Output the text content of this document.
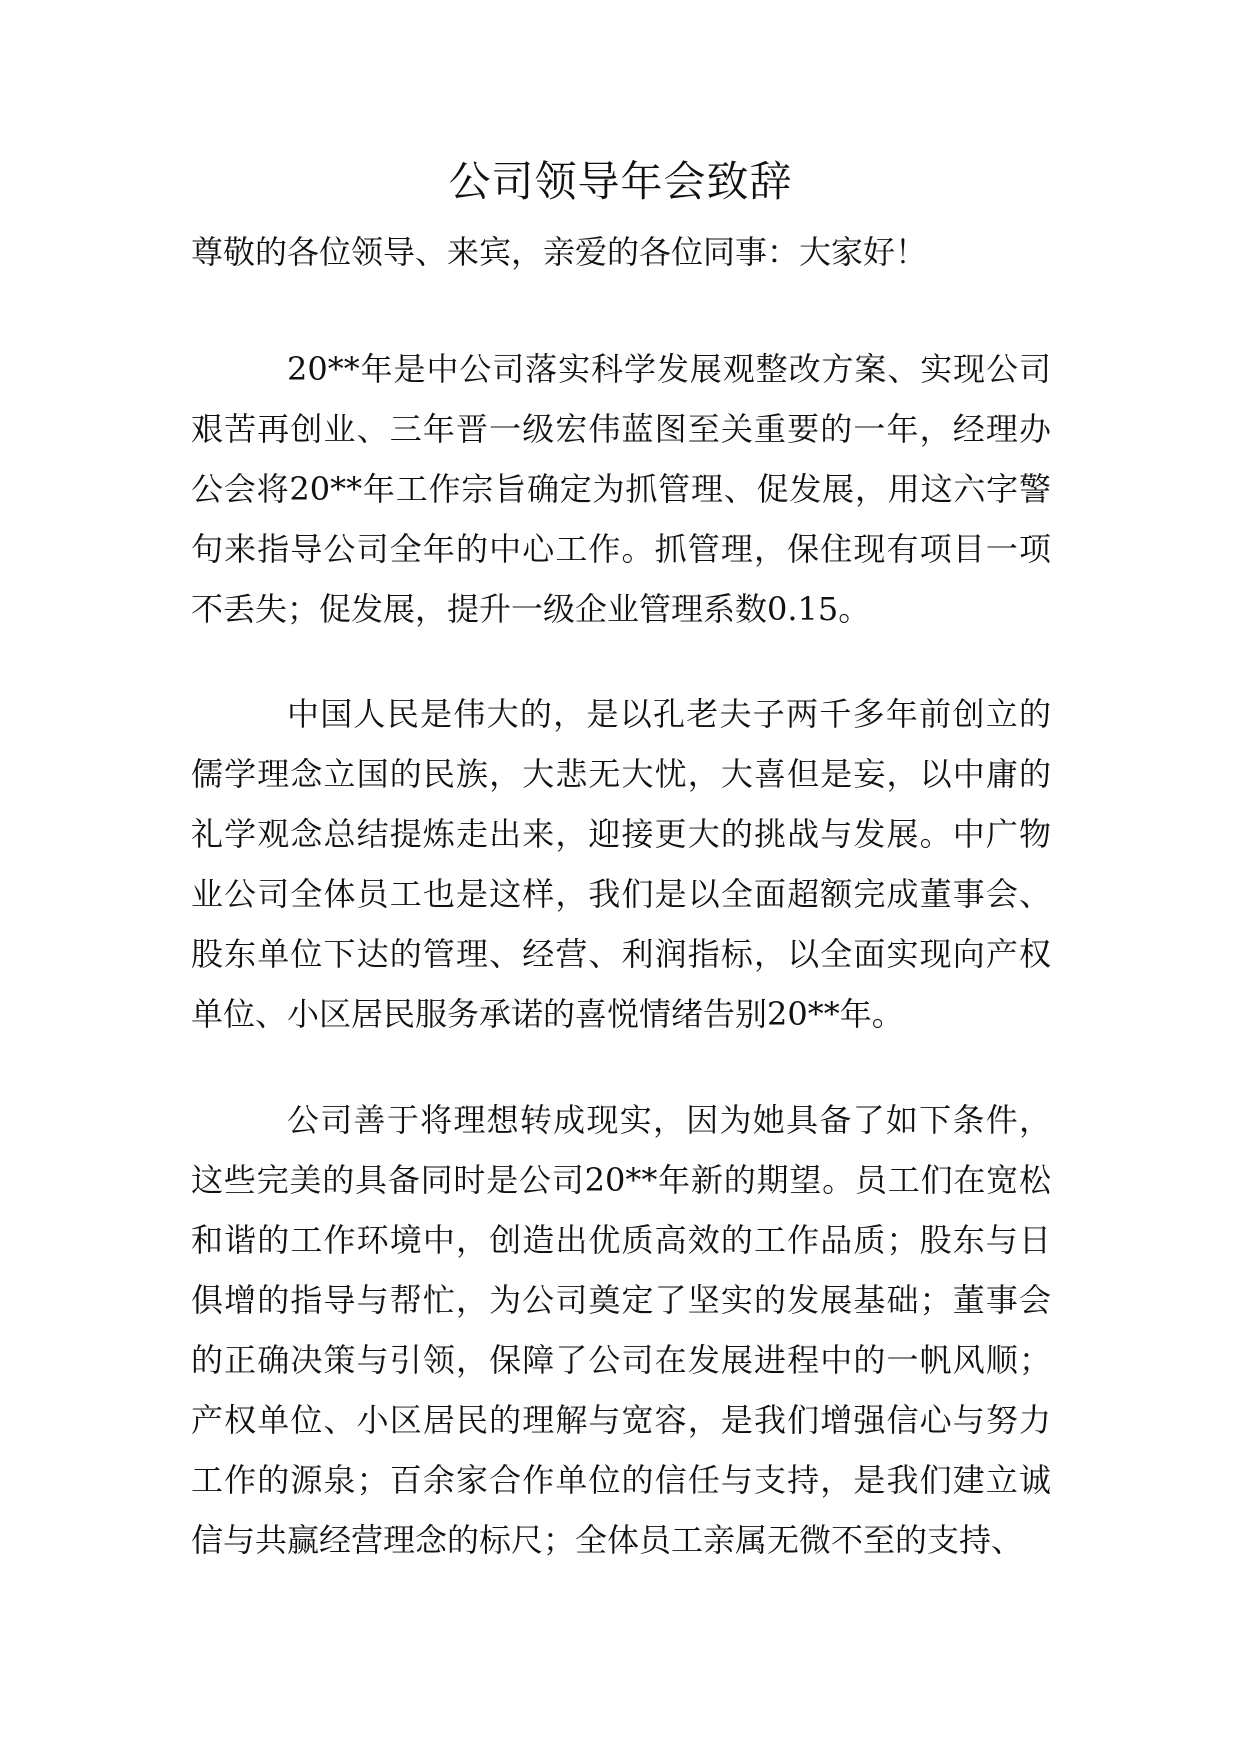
公司领导年会致辞

尊敬的各位领导、来宾，亲爱的各位同事：大家好！

20**年是中公司落实科学发展观整改方案、实现公司艰苦再创业、三年晋一级宏伟蓝图至关重要的一年，经理办公会将20**年工作宗旨确定为抓管理、促发展，用这六字警句来指导公司全年的中心工作。抓管理，保住现有项目一项不丢失；促发展，提升一级企业管理系数0.15。

中国人民是伟大的，是以孔老夫子两千多年前创立的儒学理念立国的民族，大悲无大忧，大喜但是妄，以中庸的礼学观念总结提炼走出来，迎接更大的挑战与发展。中广物业公司全体员工也是这样，我们是以全面超额完成董事会、股东单位下达的管理、经营、利润指标，以全面实现向产权单位、小区居民服务承诺的喜悦情绪告别20**年。

公司善于将理想转成现实，因为她具备了如下条件，这些完美的具备同时是公司20**年新的期望。员工们在宽松和谐的工作环境中，创造出优质高效的工作品质；股东与日俱增的指导与帮忙，为公司奠定了坚实的发展基础；董事会的正确决策与引领，保障了公司在发展进程中的一帆风顺；产权单位、小区居民的理解与宽容，是我们增强信心与努力工作的源泉；百余家合作单位的信任与支持，是我们建立诚信与共赢经营理念的标尺；全体员工亲属无微不至的支持、
